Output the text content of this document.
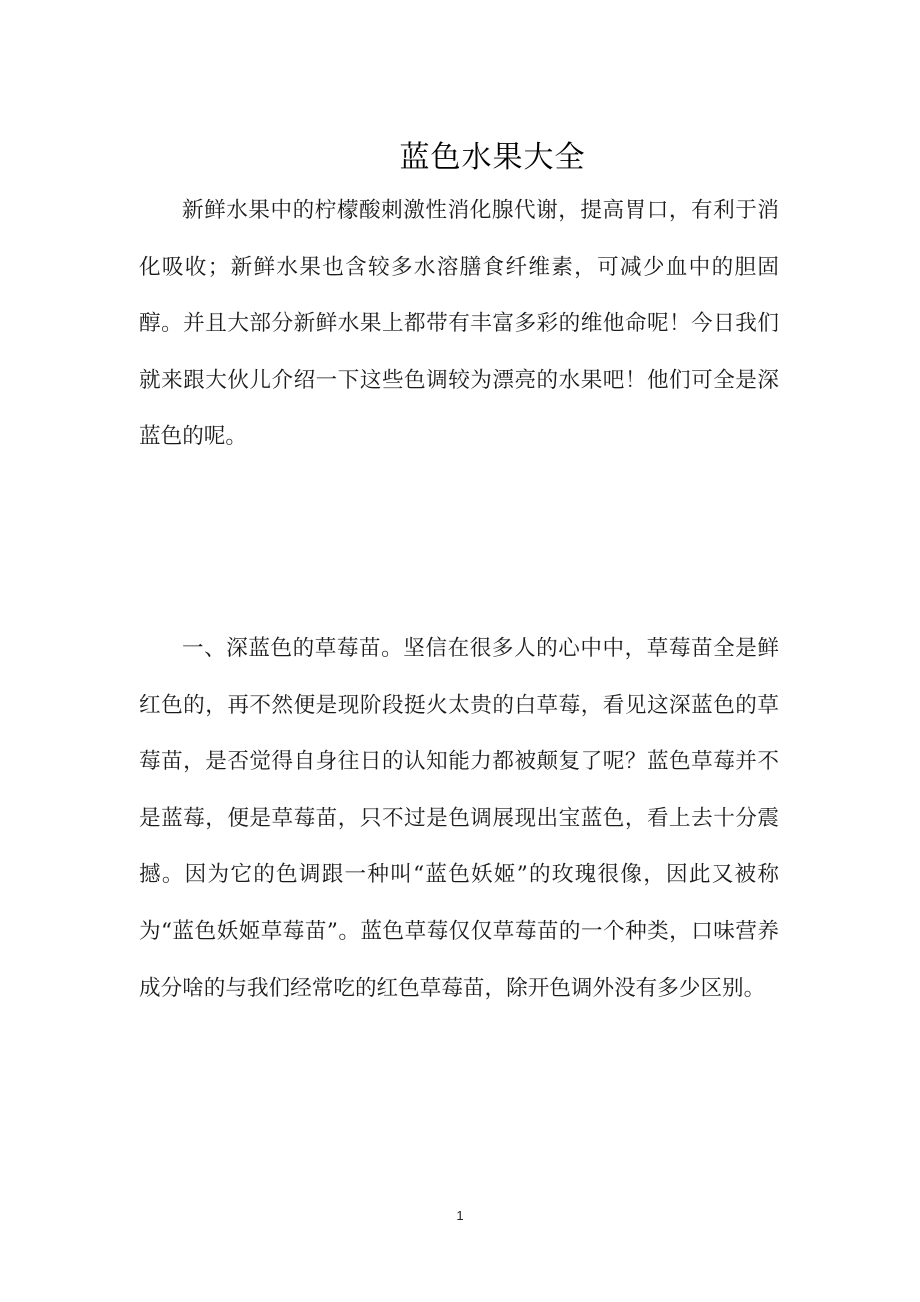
蓝色水果大全

新鲜水果中的柠檬酸刺激性消化腺代谢，提高胃口，有利于消化吸收；新鲜水果也含较多水溶膳食纤维素，可减少血中的胆固醇。并且大部分新鲜水果上都带有丰富多彩的维他命呢！今日我们就来跟大伙儿介绍一下这些色调较为漂亮的水果吧！他们可全是深蓝色的呢。

一、深蓝色的草莓苗。坚信在很多人的心中中，草莓苗全是鲜红色的，再不然便是现阶段挺火太贵的白草莓，看见这深蓝色的草莓苗，是否觉得自身往日的认知能力都被颠复了呢？蓝色草莓并不是蓝莓，便是草莓苗，只不过是色调展现出宝蓝色，看上去十分震撼。因为它的色调跟一种叫“蓝色妖姬”的玫瑰很像，因此又被称为“蓝色妖姬草莓苗”。蓝色草莓仅仅草莓苗的一个种类，口味营养成分啥的与我们经常吃的红色草莓苗，除开色调外没有多少区别。

1
